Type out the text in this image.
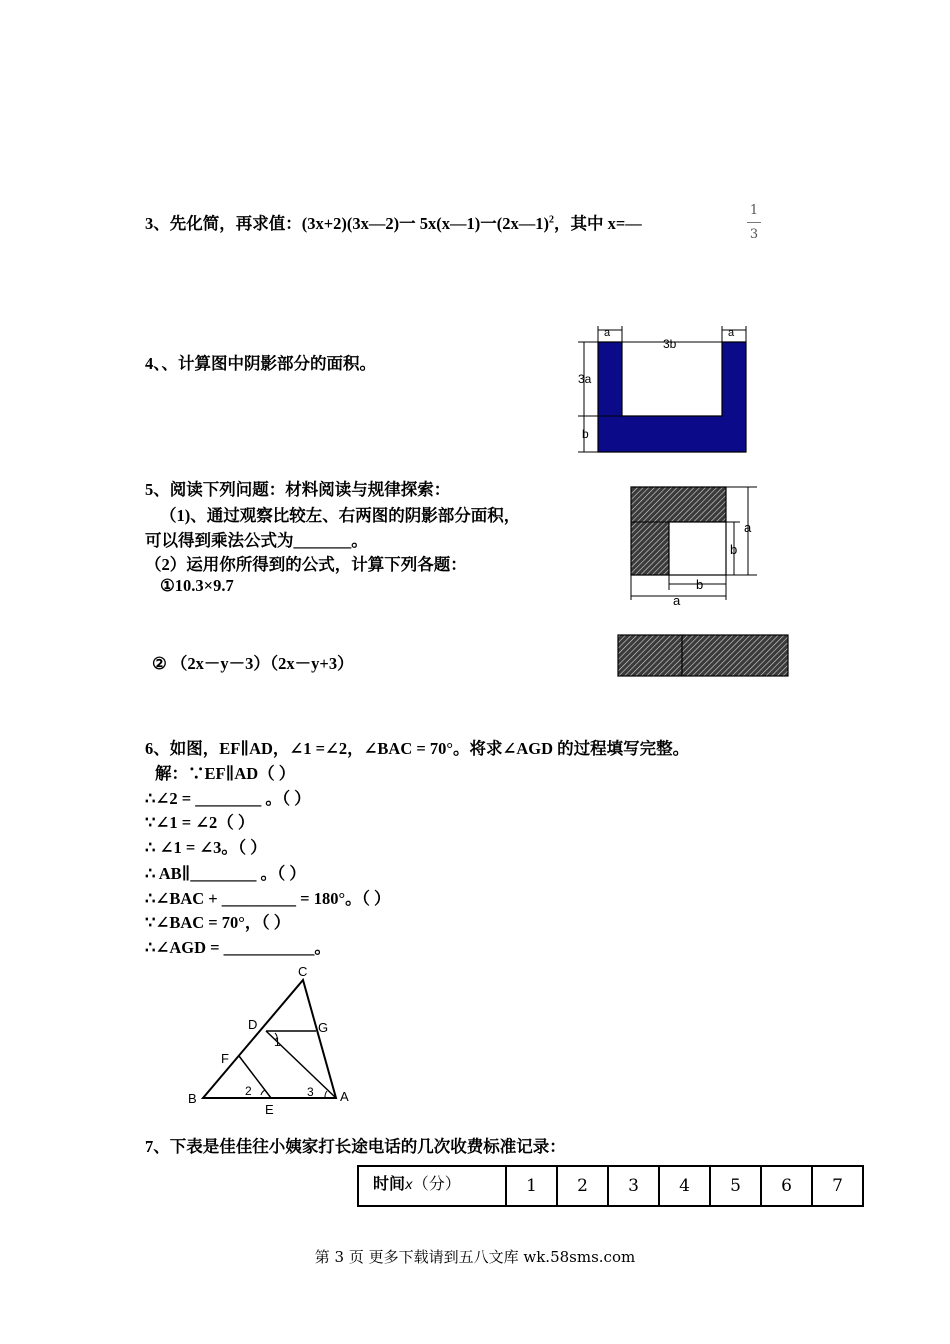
3、先化简，再求值：(3x+2)(3x—2)一 5x(x—1)一(2x—1)$^2$，其中 x=—
1
3
4、、计算图中阴影部分的面积。
a
3b
a
3a
b
5、阅读下列问题：材料阅读与规律探索：
（1)、通过观察比较左、右两图的阴影部分面积，
可以得到乘法公式为_______。
（2）运用你所得到的公式，计算下列各题：
①10.3×9.7
② （2x－y－3）（2x－y+3）
a
b
b
a
6、如图，EF∥AD，∠1 =∠2，∠BAC = 70°。将求∠AGD 的过程填写完整。
解：∵EF∥AD（ ）
∴∠2 = ________ 。（ ）
∵∠1 = ∠2（ ）
∴ ∠1 = ∠3。（ ）
∴ AB∥________ 。（ ）
∴∠BAC + _________ = 180°。（ ）
∵∠BAC = 70°，（ ）
∴∠AGD = ___________。
C
D	G
F
B
E
A
1
2	3
7、下表是佳佳往小姨家打长途电话的几次收费标准记录：
时间x（分）	1	2	3	4	5	6	7
第 3 页 更多下载请到五八文库 wk.58sms.com
